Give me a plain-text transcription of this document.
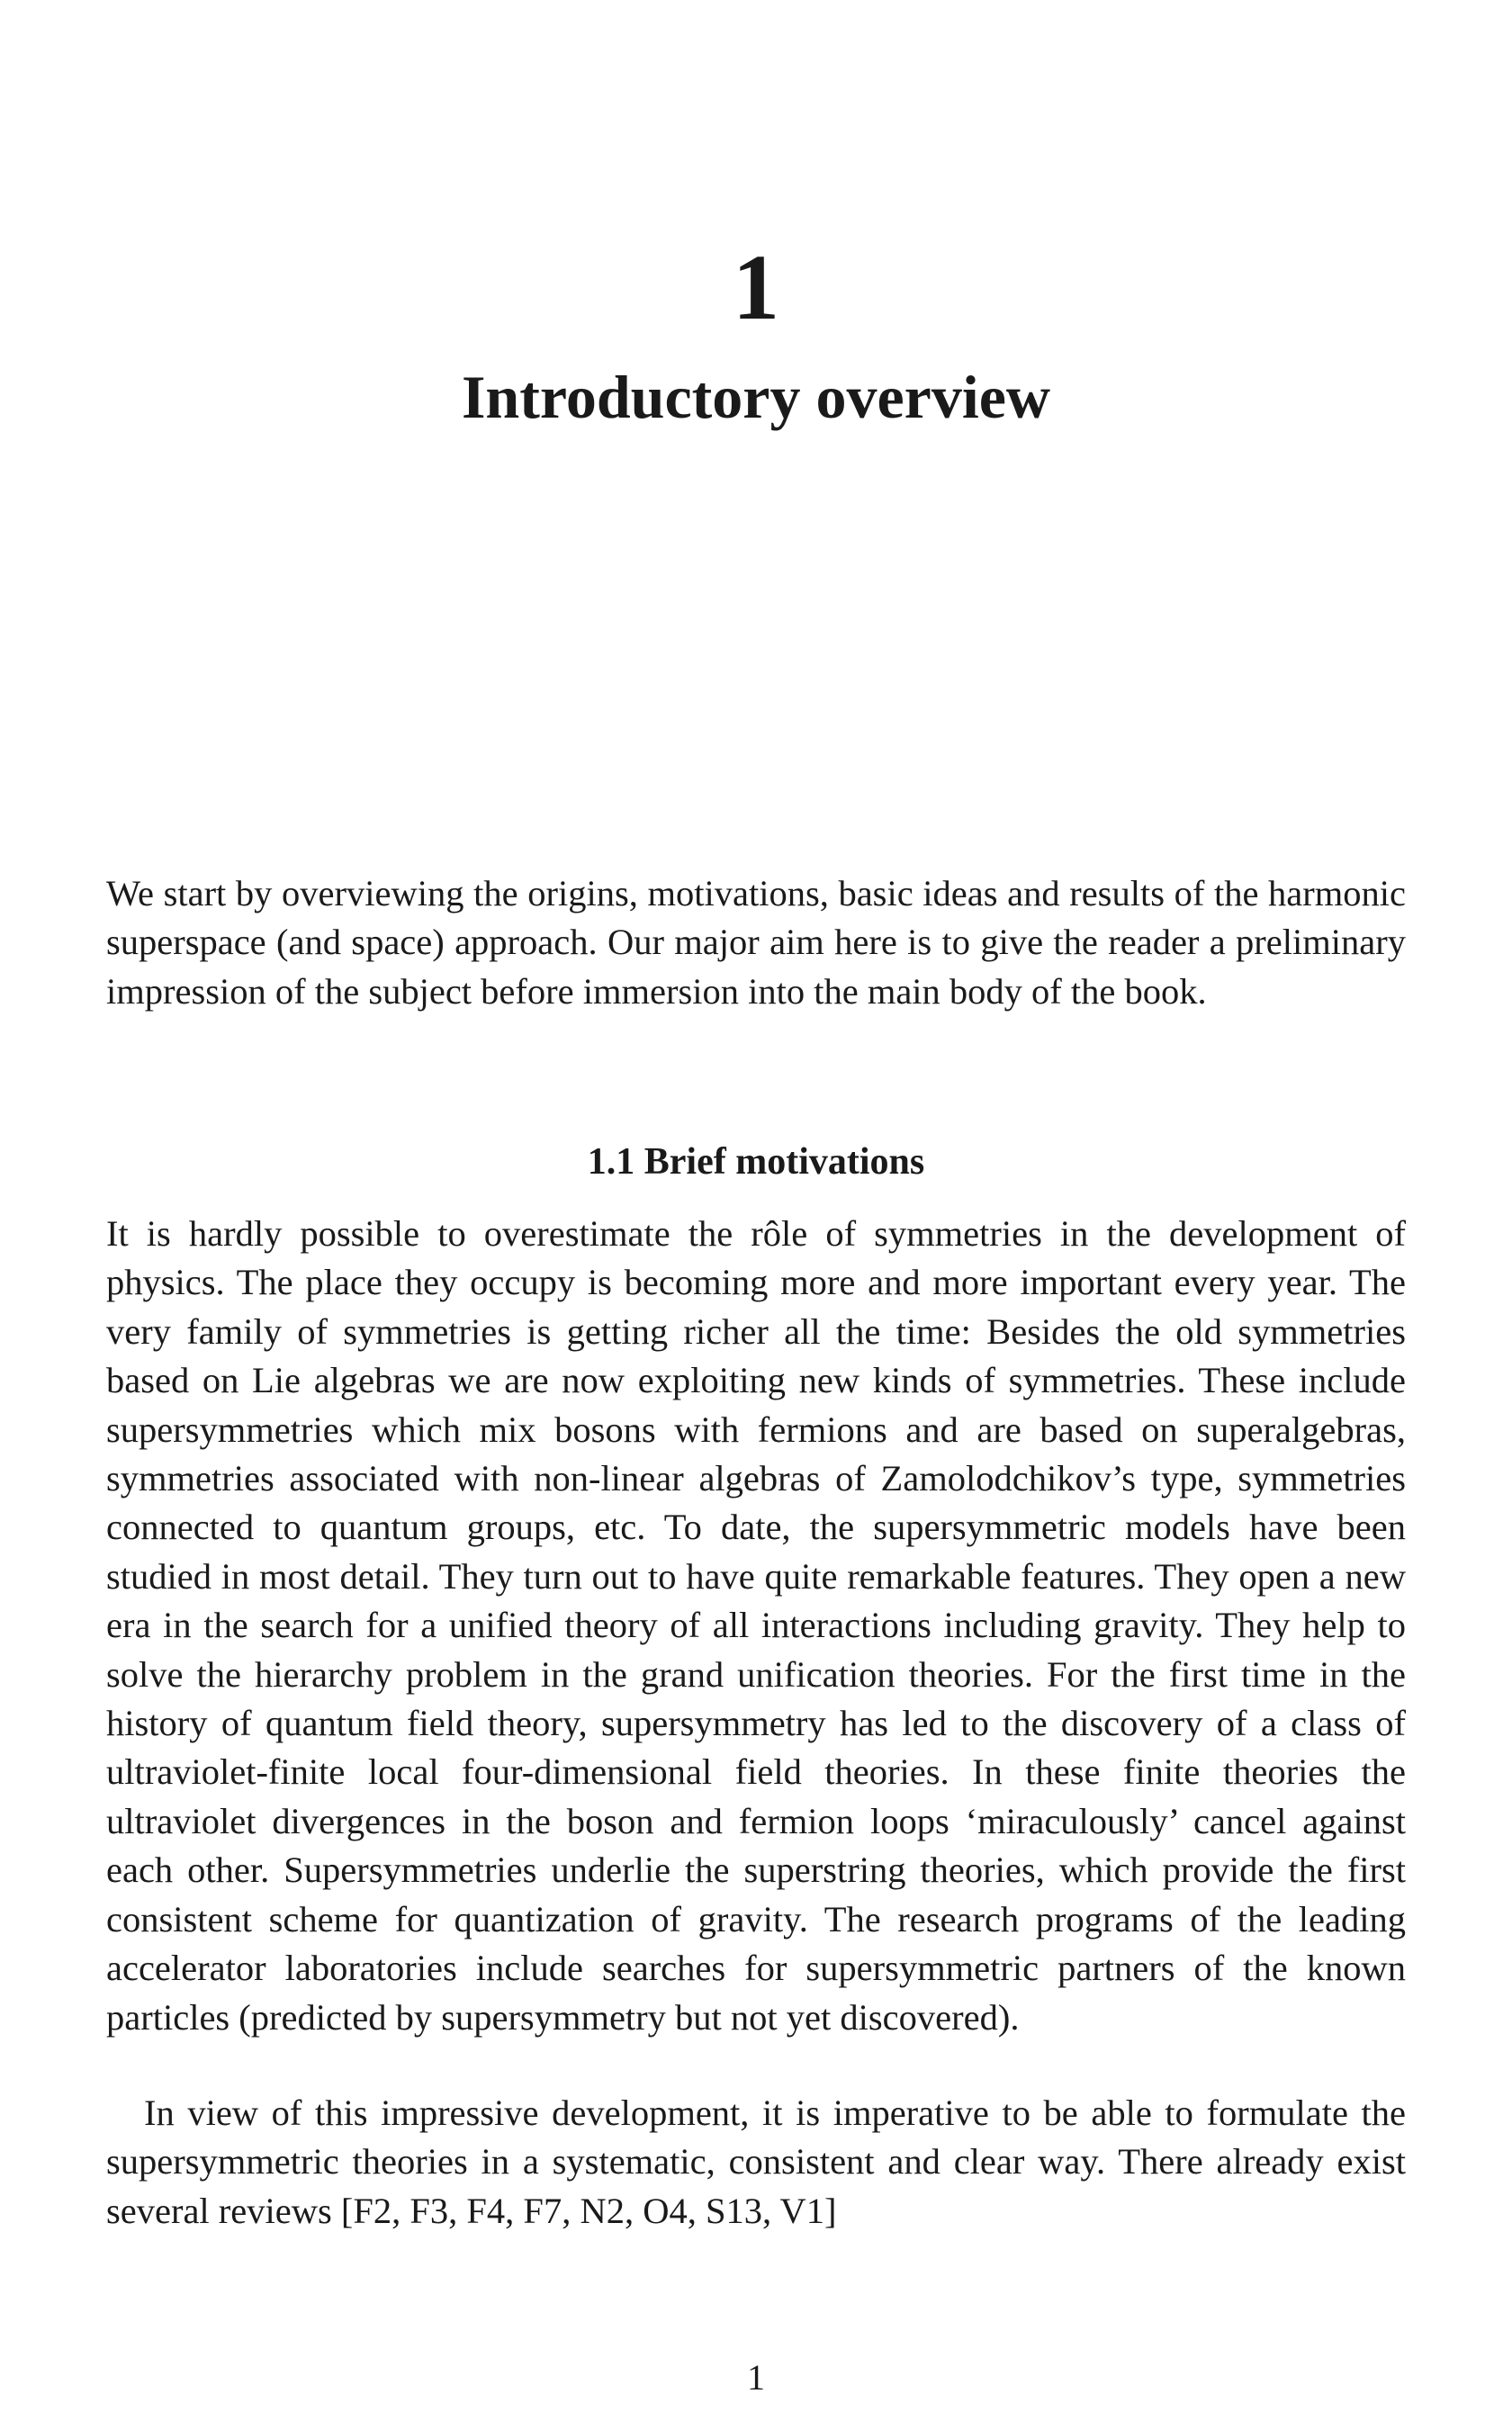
1
Introductory overview

We start by overviewing the origins, motivations, basic ideas and results of the harmonic superspace (and space) approach. Our major aim here is to give the reader a preliminary impression of the subject before immersion into the main body of the book.

1.1 Brief motivations

It is hardly possible to overestimate the rôle of symmetries in the development of physics. The place they occupy is becoming more and more important every year. The very family of symmetries is getting richer all the time: Besides the old symmetries based on Lie algebras we are now exploiting new kinds of symmetries. These include supersymmetries which mix bosons with fermions and are based on superalgebras, symmetries associated with non-linear algebras of Zamolodchikov’s type, symmetries connected to quantum groups, etc. To date, the supersymmetric models have been studied in most detail. They turn out to have quite remarkable features. They open a new era in the search for a unified theory of all interactions including gravity. They help to solve the hierarchy problem in the grand unification theories. For the first time in the history of quantum field theory, supersymmetry has led to the discovery of a class of ultraviolet-finite local four-dimensional field theories. In these finite theories the ultraviolet divergences in the boson and fermion loops ‘miraculously’ cancel against each other. Supersymmetries underlie the superstring theories, which provide the first consistent scheme for quantization of gravity. The research programs of the leading accelerator laboratories include searches for supersymmetric partners of the known particles (predicted by supersymmetry but not yet discovered).

In view of this impressive development, it is imperative to be able to formulate the supersymmetric theories in a systematic, consistent and clear way. There already exist several reviews [F2, F3, F4, F7, N2, O4, S13, V1]

1
